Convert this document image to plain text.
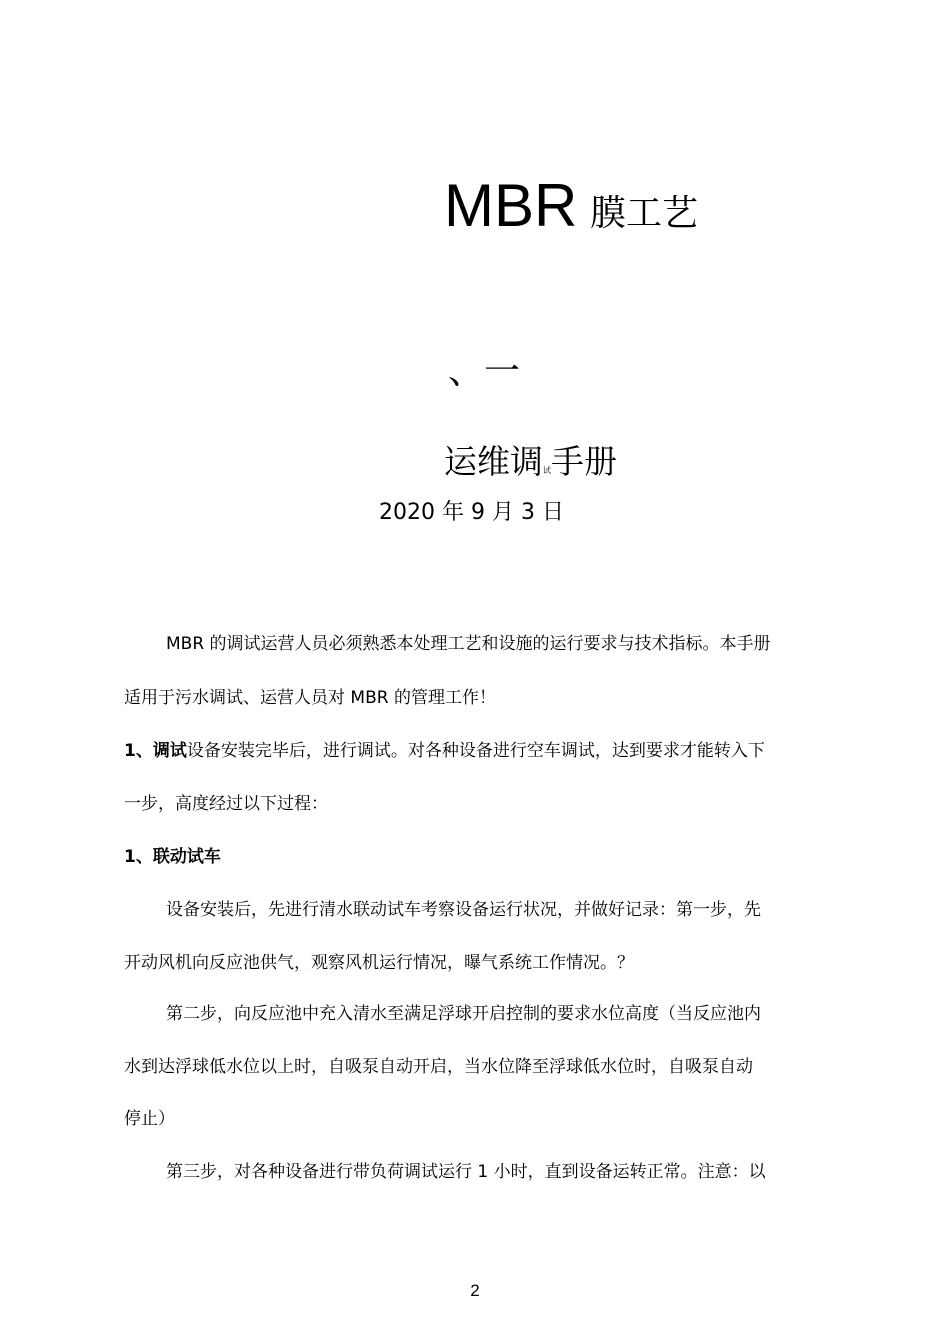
MBR 膜工艺
、一
运维调试手册
2020 年 9 月 3 日
MBR 的调试运营人员必须熟悉本处理工艺和设施的运行要求与技术指标。本手册
适用于污水调试、运营人员对 MBR 的管理工作！
1、调试设备安装完毕后，进行调试。对各种设备进行空车调试，达到要求才能转入下
一步，高度经过以下过程：
1、联动试车
设备安装后，先进行清水联动试车考察设备运行状况，并做好记录：第一步，先
开动风机向反应池供气，观察风机运行情况，曝气系统工作情况。？
第二步，向反应池中充入清水至满足浮球开启控制的要求水位高度（当反应池内
水到达浮球低水位以上时，自吸泵自动开启，当水位降至浮球低水位时，自吸泵自动
停止）
第三步，对各种设备进行带负荷调试运行 1 小时，直到设备运转正常。注意：以
2
